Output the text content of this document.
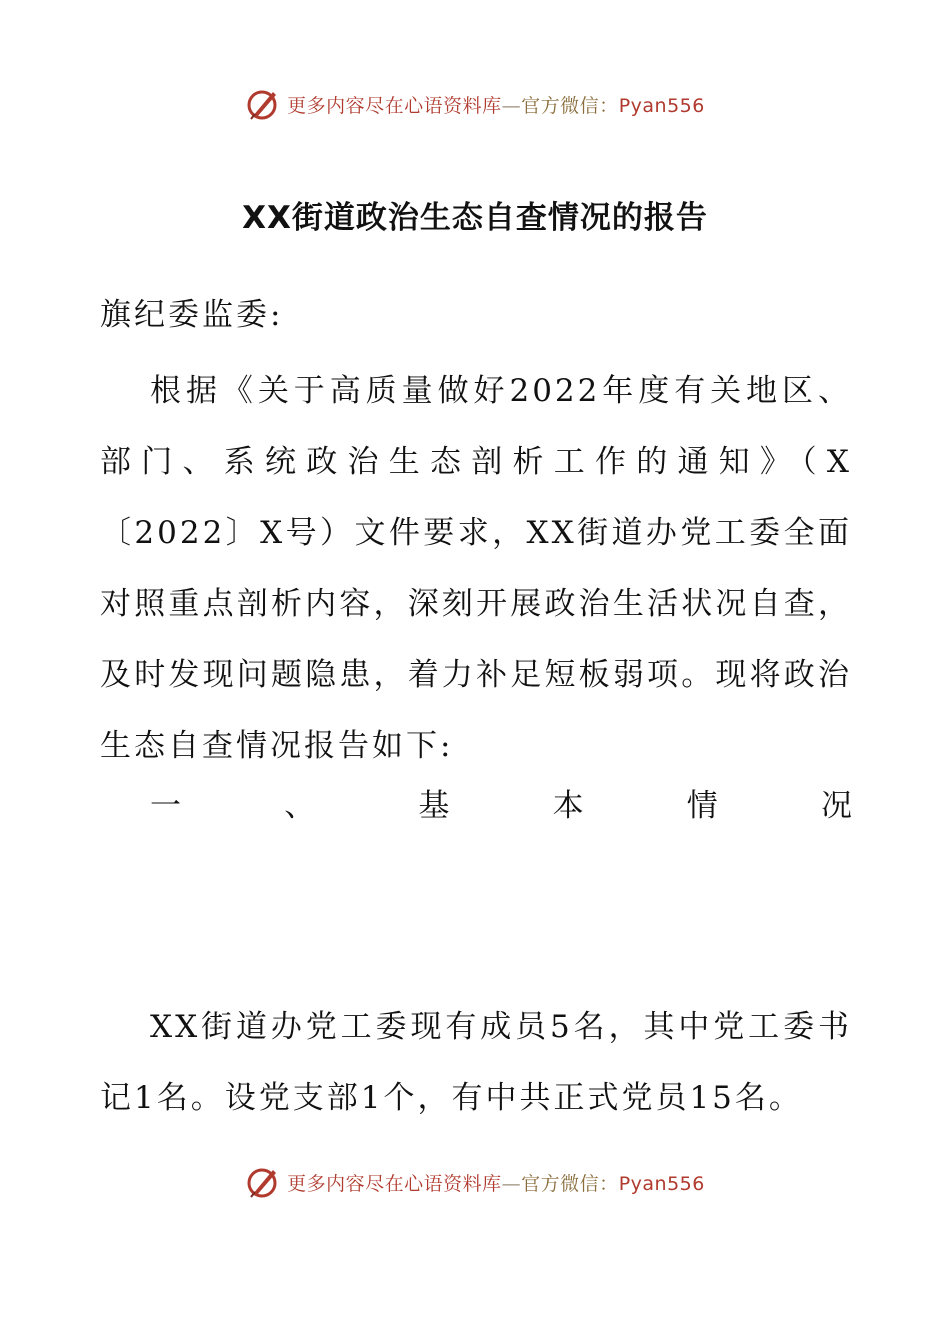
更多内容尽在心语资料库—官方微信：Pyan556
XX街道政治生态自查情况的报告

旗纪委监委:

根据《关于高质量做好2022年度有关地区、部门、系统政治生态剖析工作的通知》（X〔2022〕X号）文件要求，XX街道办党工委全面对照重点剖析内容，深刻开展政治生活状况自查，及时发现问题隐患，着力补足短板弱项。现将政治生态自查情况报告如下:

一	、	基	本	情	况

XX街道办党工委现有成员5名，其中党工委书记1名。设党支部1个，有中共正式党员15名。

更多内容尽在心语资料库—官方微信：Pyan556
